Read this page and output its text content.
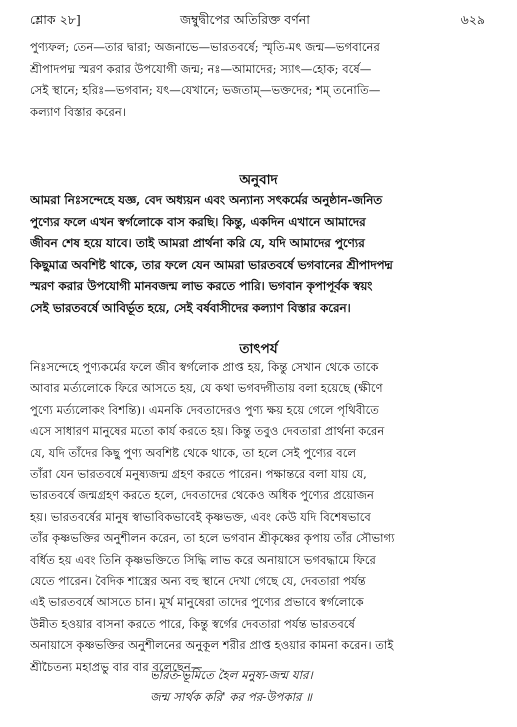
শ্লোক ২৮]	জম্বুদ্বীপের অতিরিক্ত বর্ণনা	৬২৯
পুণ্যফল; তেন—তার দ্বারা; অজনাভে—ভারতবর্ষে; স্মৃতি-মৎ জন্ম—ভগবানের
শ্রীপাদপদ্ম স্মরণ করার উপযোগী জন্ম; নঃ—আমাদের; স্যাৎ—হোক; বর্ষে—
সেই স্থানে; হরিঃ—ভগবান; যৎ—যেখানে; ভজতাম্—ভক্তদের; শম্ তনোতি—
কল্যাণ বিস্তার করেন।
অনুবাদ
আমরা নিঃসন্দেহে যজ্ঞ, বেদ অধ্যয়ন এবং অন্যান্য সৎকর্মের অনুষ্ঠান-জনিত
পুণ্যের ফলে এখন স্বর্গলোকে বাস করছি। কিন্তু, একদিন এখানে আমাদের
জীবন শেষ হয়ে যাবে। তাই আমরা প্রার্থনা করি যে, যদি আমাদের পুণ্যের
কিছুমাত্র অবশিষ্ট থাকে, তার ফলে যেন আমরা ভারতবর্ষে ভগবানের শ্রীপাদপদ্ম
স্মরণ করার উপযোগী মানবজন্ম লাভ করতে পারি। ভগবান কৃপাপূর্বক স্বয়ং
সেই ভারতবর্ষে আবির্ভূত হয়ে, সেই বর্ষবাসীদের কল্যাণ বিস্তার করেন।
তাৎপর্য
নিঃসন্দেহে পুণ্যকর্মের ফলে জীব স্বর্গলোক প্রাপ্ত হয়, কিন্তু সেখান থেকে তাকে
আবার মর্ত্যলোকে ফিরে আসতে হয়, যে কথা ভগবদ্গীতায় বলা হয়েছে (ক্ষীণে
পুণ্যে মর্ত্যলোকং বিশন্তি)। এমনকি দেবতাদেরও পুণ্য ক্ষয় হয়ে গেলে পৃথিবীতে
এসে সাধারণ মানুষের মতো কার্য করতে হয়। কিন্তু তবুও দেবতারা প্রার্থনা করেন
যে, যদি তাঁদের কিছু পুণ্য অবশিষ্ট থেকে থাকে, তা হলে সেই পুণ্যের বলে
তাঁরা যেন ভারতবর্ষে মনুষ্যজন্ম গ্রহণ করতে পারেন। পক্ষান্তরে বলা যায় যে,
ভারতবর্ষে জন্মগ্রহণ করতে হলে, দেবতাদের থেকেও অধিক পুণ্যের প্রয়োজন
হয়। ভারতবর্ষের মানুষ স্বাভাবিকভাবেই কৃষ্ণভক্ত, এবং কেউ যদি বিশেষভাবে
তাঁর কৃষ্ণভক্তির অনুশীলন করেন, তা হলে ভগবান শ্রীকৃষ্ণের কৃপায় তাঁর সৌভাগ্য
বর্ধিত হয় এবং তিনি কৃষ্ণভক্তিতে সিদ্ধি লাভ করে অনায়াসে ভগবদ্ধামে ফিরে
যেতে পারেন। বৈদিক শাস্ত্রের অন্য বহু স্থানে দেখা গেছে যে, দেবতারা পর্যন্ত
এই ভারতবর্ষে আসতে চান। মূর্খ মানুষেরা তাদের পুণ্যের প্রভাবে স্বর্গলোকে
উন্নীত হওয়ার বাসনা করতে পারে, কিন্তু স্বর্গের দেবতারা পর্যন্ত ভারতবর্ষে
অনায়াসে কৃষ্ণভক্তির অনুশীলনের অনুকূল শরীর প্রাপ্ত হওয়ার কামনা করেন। তাই
শ্রীচৈতন্য মহাপ্রভু বার বার বলেছেন—
ভারত-ভূমিতে হৈল মনুষ্য-জন্ম যার।
জন্ম সার্থক করি' কর পর-উপকার ॥
